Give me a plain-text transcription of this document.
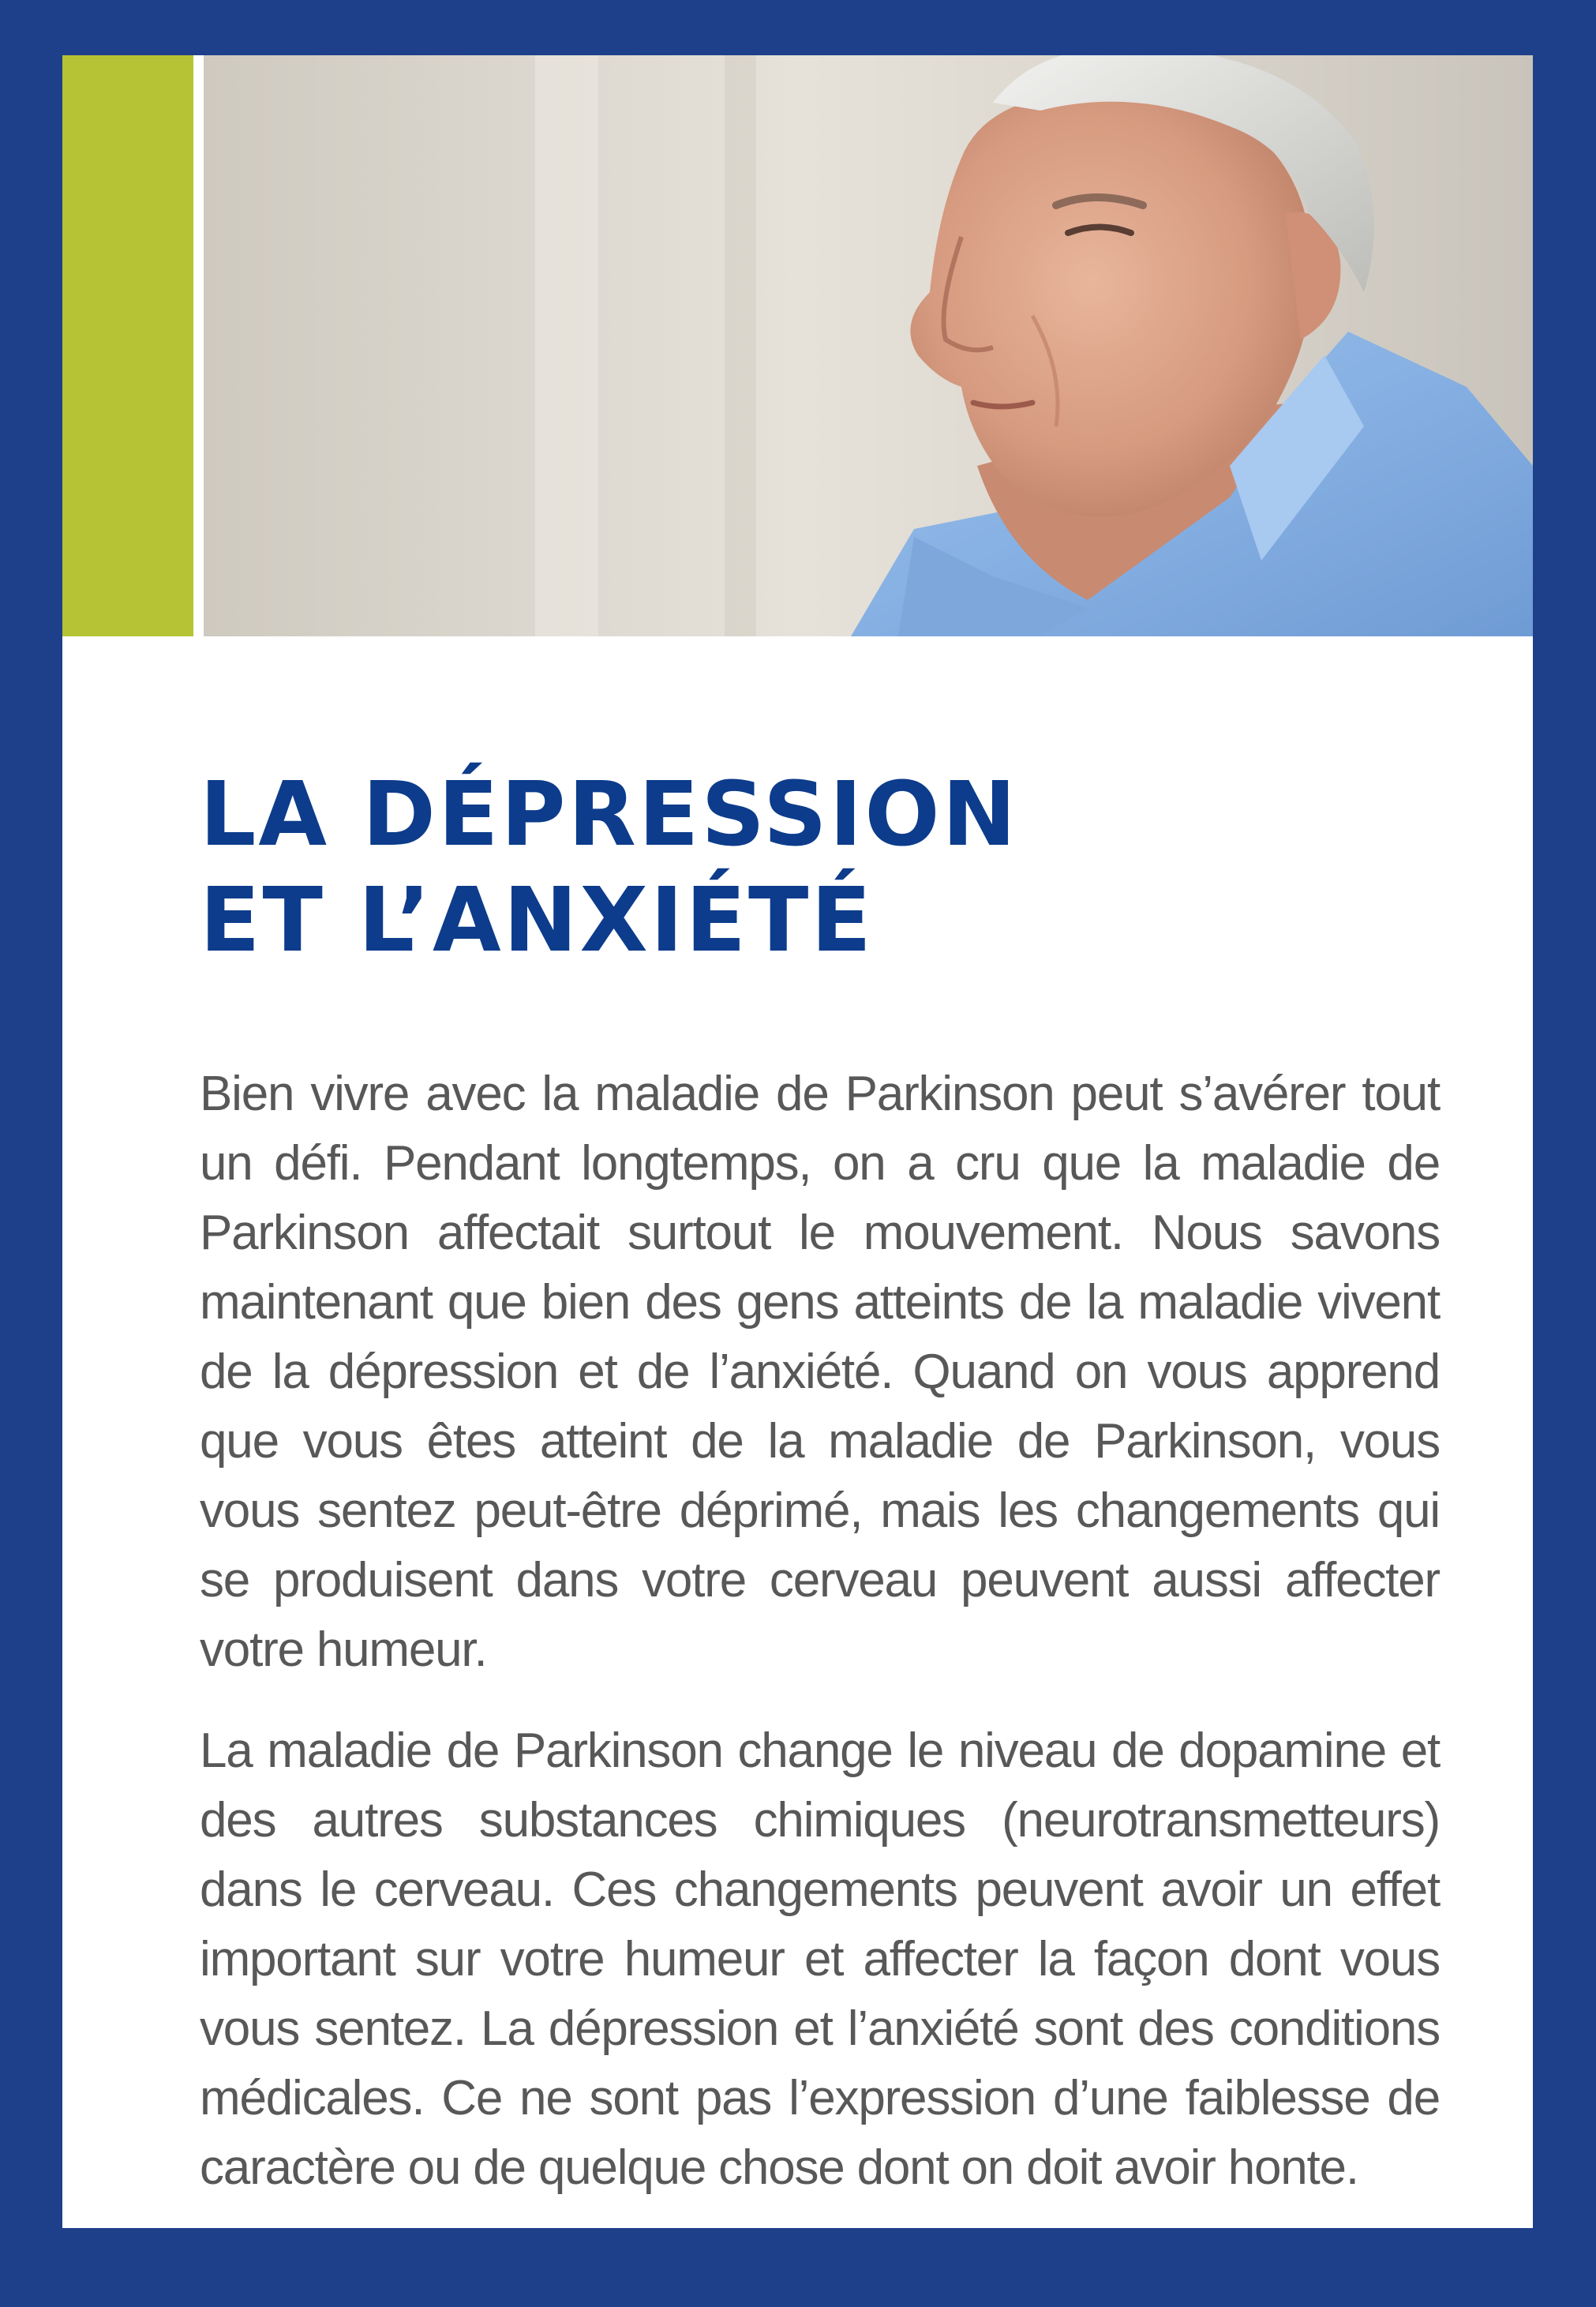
LA DÉPRESSION
ET L’ANXIÉTÉ

Bien vivre avec la maladie de Parkinson peut s’avérer tout un défi. Pendant longtemps, on a cru que la maladie de Parkinson affectait surtout le mouvement. Nous savons maintenant que bien des gens atteints de la maladie vivent de la dépression et de l’anxiété. Quand on vous apprend que vous êtes atteint de la maladie de Parkinson, vous vous sentez peut-être déprimé, mais les changements qui se produisent dans votre cerveau peuvent aussi affecter votre humeur.

La maladie de Parkinson change le niveau de dopamine et des autres substances chimiques (neurotransmetteurs) dans le cerveau. Ces changements peuvent avoir un effet important sur votre humeur et affecter la façon dont vous vous sentez. La dépression et l’anxiété sont des conditions médicales. Ce ne sont pas l’expression d’une faiblesse de caractère ou de quelque chose dont on doit avoir honte.
